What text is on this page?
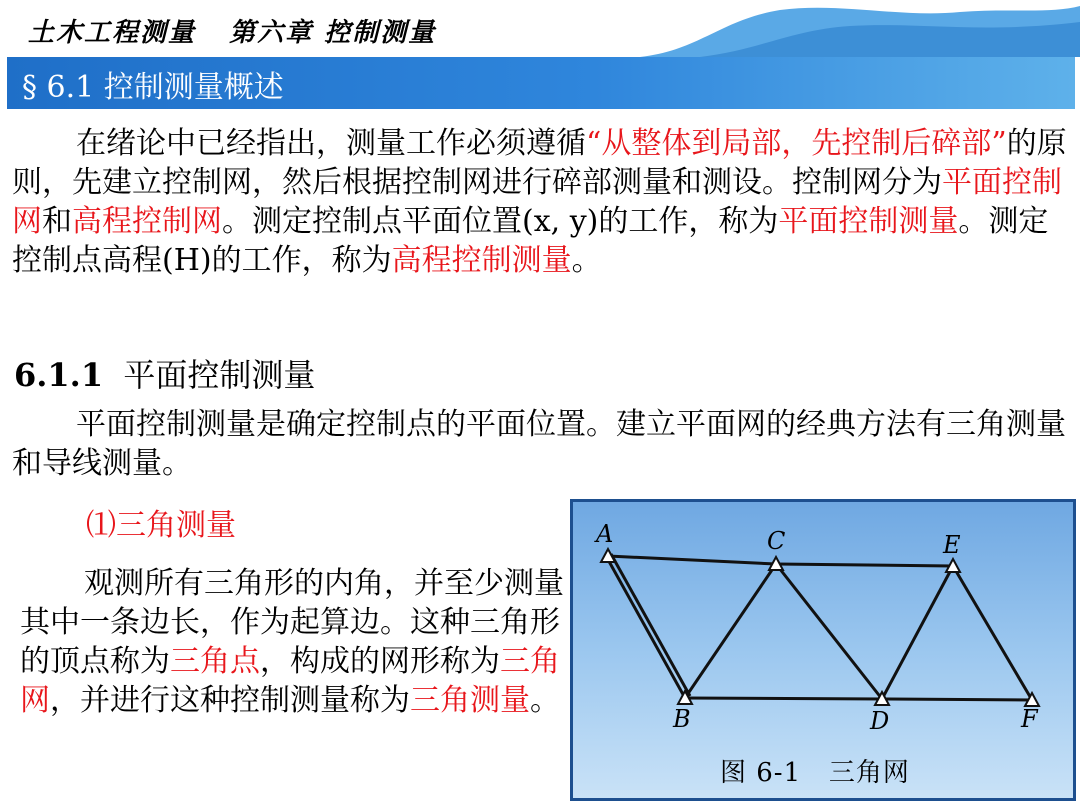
土木工程测量   第六章 控制测量
§ 6.1 控制测量概述

在绪论中已经指出，测量工作必须遵循“从整体到局部，先控制后碎部”的原则，先建立控制网，然后根据控制网进行碎部测量和测设。控制网分为平面控制网和高程控制网。测定控制点平面位置(x, y)的工作，称为平面控制测量。测定控制点高程(H)的工作，称为高程控制测量。

6.1.1 平面控制测量

平面控制测量是确定控制点的平面位置。建立平面网的经典方法有三角测量和导线测量。

⑴三角测量

观测所有三角形的内角，并至少测量其中一条边长，作为起算边。这种三角形的顶点称为三角点，构成的网形称为三角网，并进行这种控制测量称为三角测量。

A	C	E
B	D	F
图 6-1   三角网
